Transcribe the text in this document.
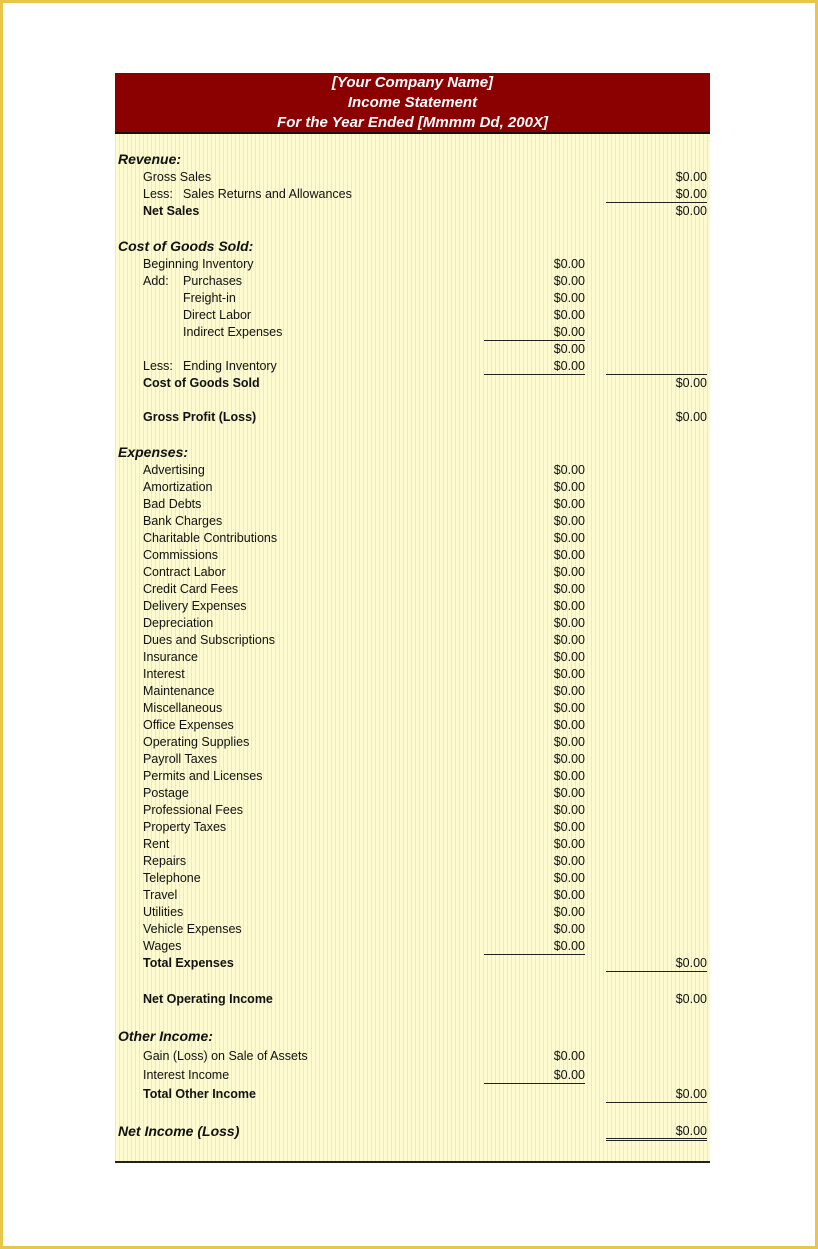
[Your Company Name]
Income Statement
For the Year Ended [Mmmm Dd, 200X]
Revenue:
Gross Sales	$0.00
Less: Sales Returns and Allowances	$0.00
Net Sales	$0.00
Cost of Goods Sold:
Beginning Inventory	$0.00
Add: Purchases	$0.00
Freight-in	$0.00
Direct Labor	$0.00
Indirect Expenses	$0.00
$0.00
Less: Ending Inventory	$0.00
Cost of Goods Sold	$0.00
Gross Profit (Loss)	$0.00
Expenses:
Advertising	$0.00
Amortization	$0.00
Bad Debts	$0.00
Bank Charges	$0.00
Charitable Contributions	$0.00
Commissions	$0.00
Contract Labor	$0.00
Credit Card Fees	$0.00
Delivery Expenses	$0.00
Depreciation	$0.00
Dues and Subscriptions	$0.00
Insurance	$0.00
Interest	$0.00
Maintenance	$0.00
Miscellaneous	$0.00
Office Expenses	$0.00
Operating Supplies	$0.00
Payroll Taxes	$0.00
Permits and Licenses	$0.00
Postage	$0.00
Professional Fees	$0.00
Property Taxes	$0.00
Rent	$0.00
Repairs	$0.00
Telephone	$0.00
Travel	$0.00
Utilities	$0.00
Vehicle Expenses	$0.00
Wages	$0.00
Total Expenses	$0.00
Net Operating Income	$0.00
Other Income:
Gain (Loss) on Sale of Assets	$0.00
Interest Income	$0.00
Total Other Income	$0.00
Net Income (Loss)	$0.00
